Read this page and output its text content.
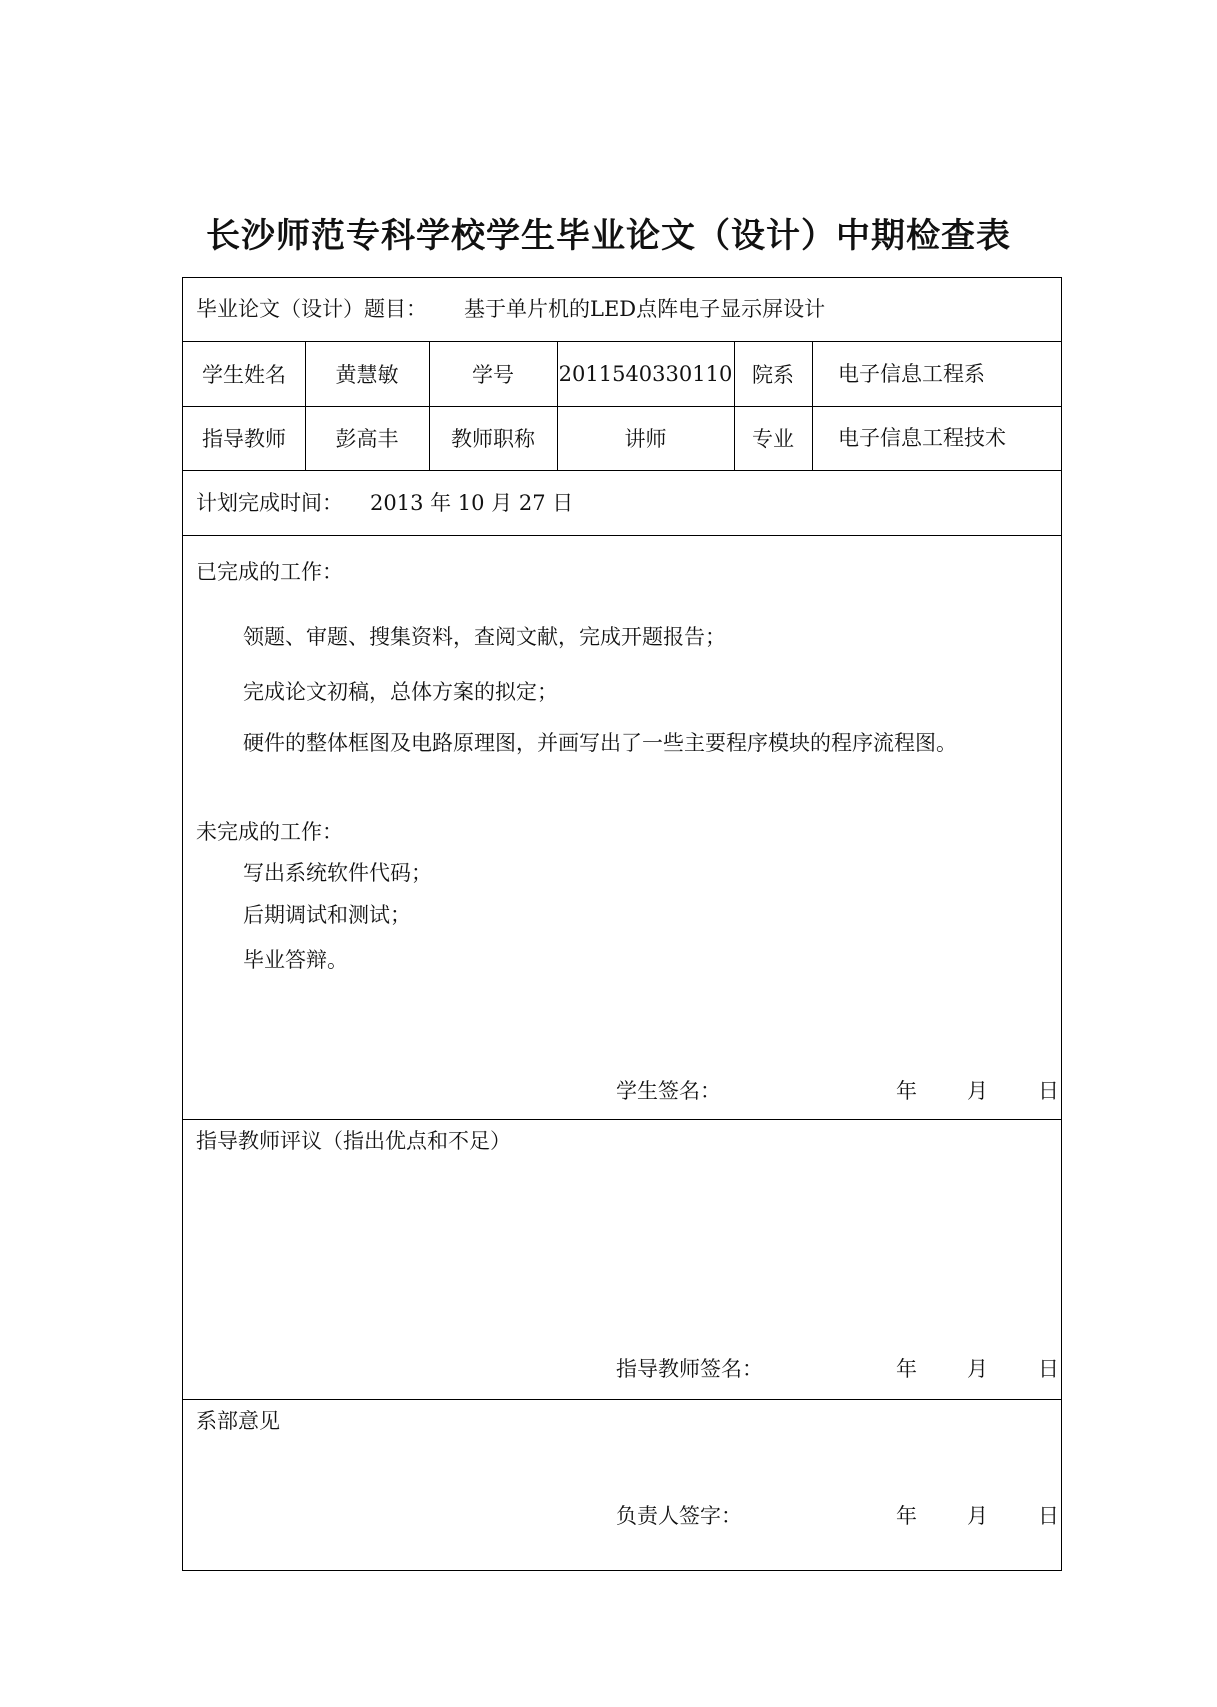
长沙师范专科学校学生毕业论文（设计）中期检查表
毕业论文（设计）题目： 基于单片机的LED点阵电子显示屏设计
学生姓名	黄慧敏	学号	2011540330110 院系	电子信息工程系
指导教师	彭高丰	教师职称	讲师	专业	电子信息工程技术
计划完成时间： 2013 年 10 月 27 日
已完成的工作：
领题、审题、搜集资料，查阅文献，完成开题报告；
完成论文初稿，总体方案的拟定；
硬件的整体框图及电路原理图，并画写出了一些主要程序模块的程序流程图。
未完成的工作：
写出系统软件代码；
后期调试和测试；
毕业答辩。
学生签名：	年 月 日
指导教师评议（指出优点和不足）
指导教师签名：	年 月 日
系部意见
负责人签字：	年 月 日
